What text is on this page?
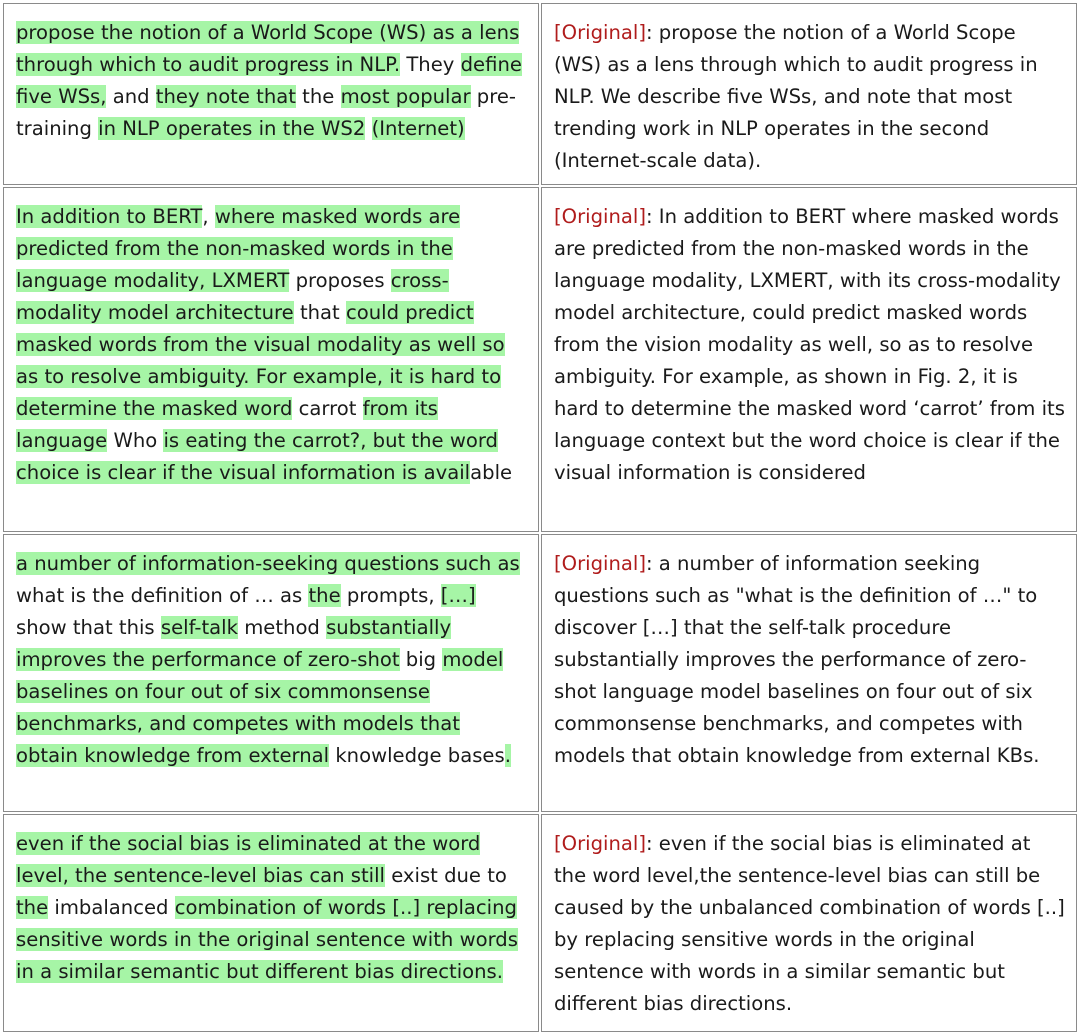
propose the notion of a World Scope (WS) as a lens through which to audit progress in NLP. They define five WSs, and they note that the most popular pre-training in NLP operates in the WS2 (Internet)
[Original]: propose the notion of a World Scope (WS) as a lens through which to audit progress in NLP. We describe five WSs, and note that most trending work in NLP operates in the second (Internet-scale data).
In addition to BERT, where masked words are predicted from the non-masked words in the language modality, LXMERT proposes cross-modality model architecture that could predict masked words from the visual modality as well so as to resolve ambiguity. For example, it is hard to determine the masked word carrot from its language Who is eating the carrot?, but the word choice is clear if the visual information is available
[Original]: In addition to BERT where masked words are predicted from the non-masked words in the language modality, LXMERT, with its cross-modality model architecture, could predict masked words from the vision modality as well, so as to resolve ambiguity. For example, as shown in Fig. 2, it is hard to determine the masked word ‘carrot’ from its language context but the word choice is clear if the visual information is considered
a number of information-seeking questions such as what is the definition of … as the prompts, […] show that this self-talk method substantially improves the performance of zero-shot big model baselines on four out of six commonsense benchmarks, and competes with models that obtain knowledge from external knowledge bases.
[Original]: a number of information seeking questions such as "what is the definition of …" to discover […] that the self-talk procedure substantially improves the performance of zero-shot language model baselines on four out of six commonsense benchmarks, and competes with models that obtain knowledge from external KBs.
even if the social bias is eliminated at the word level, the sentence-level bias can still exist due to the imbalanced combination of words [..] replacing sensitive words in the original sentence with words in a similar semantic but different bias directions.
[Original]: even if the social bias is eliminated at the word level,the sentence-level bias can still be caused by the unbalanced combination of words [..] by replacing sensitive words in the original sentence with words in a similar semantic but different bias directions.
